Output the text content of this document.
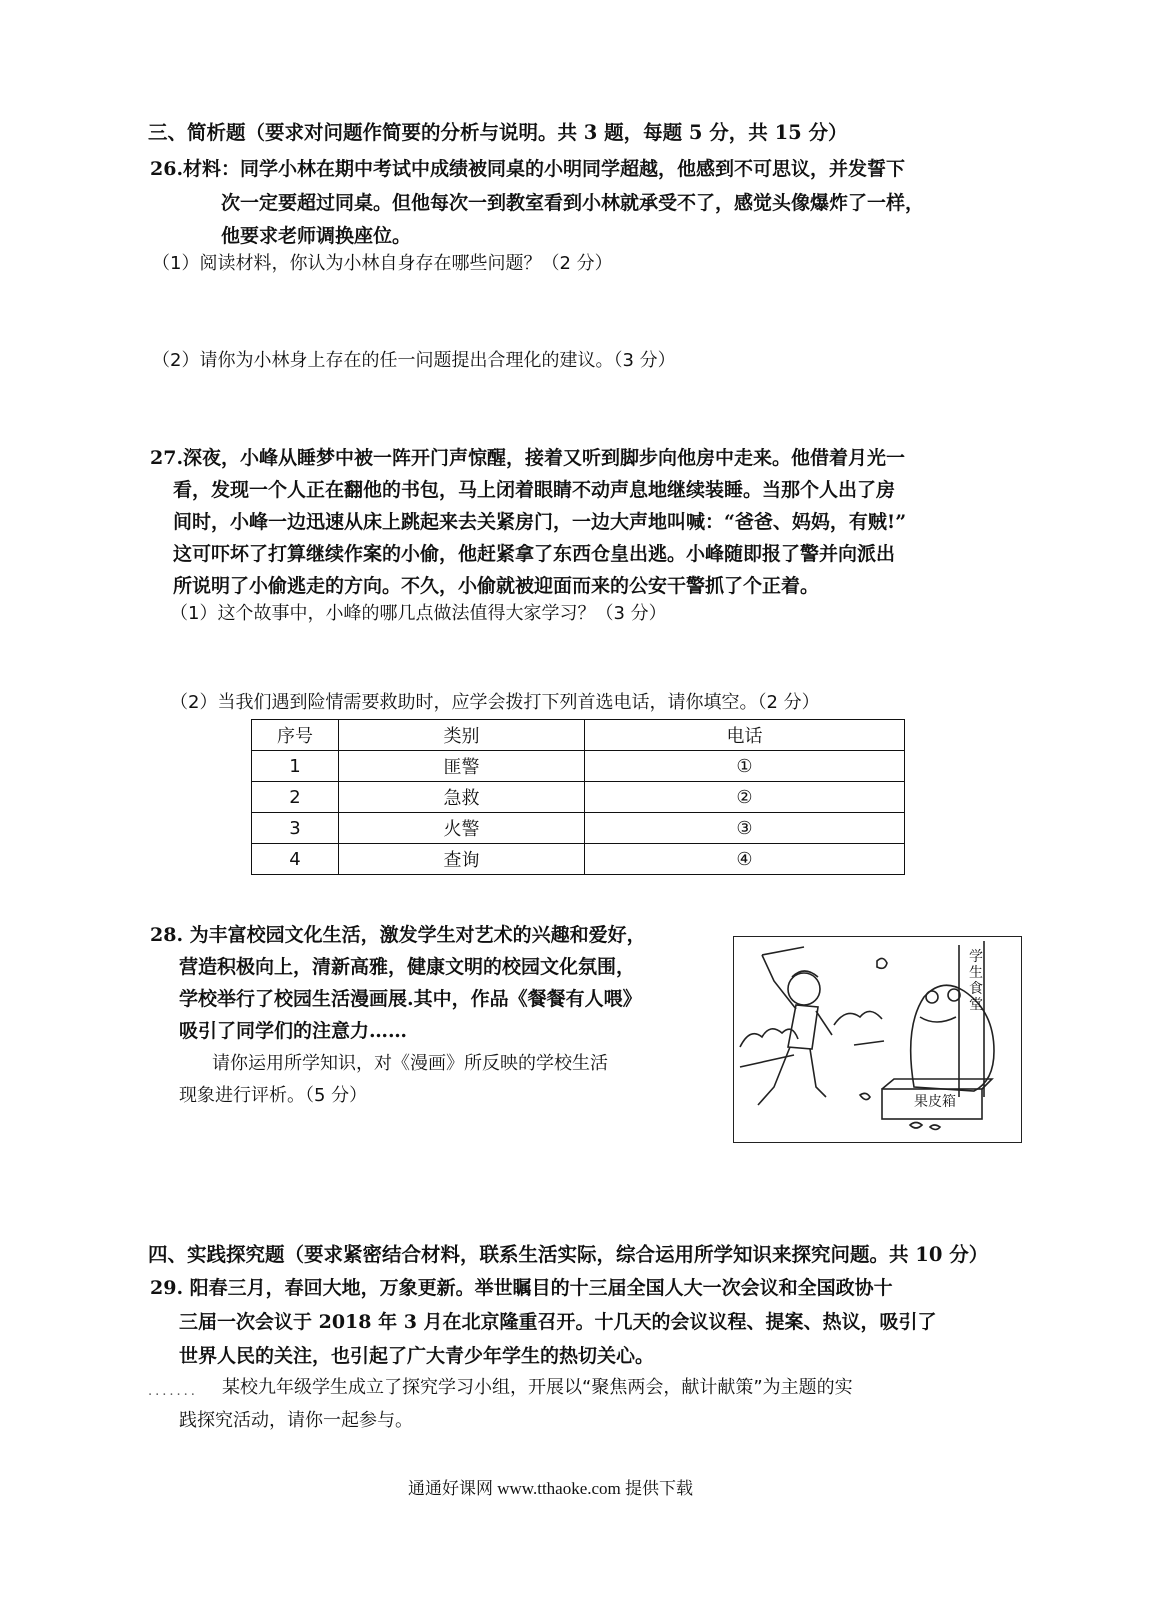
三、简析题（要求对问题作简要的分析与说明。共 3 题，每题 5 分，共 15 分）
26.材料：同学小林在期中考试中成绩被同桌的小明同学超越，他感到不可思议，并发誓下
次一定要超过同桌。但他每次一到教室看到小林就承受不了，感觉头像爆炸了一样，
他要求老师调换座位。
（1）阅读材料，你认为小林自身存在哪些问题？（2 分）
（2）请你为小林身上存在的任一问题提出合理化的建议。（3 分）
27.深夜，小峰从睡梦中被一阵开门声惊醒，接着又听到脚步向他房中走来。他借着月光一
看，发现一个人正在翻他的书包，马上闭着眼睛不动声息地继续装睡。当那个人出了房
间时，小峰一边迅速从床上跳起来去关紧房门，一边大声地叫喊：“爸爸、妈妈，有贼!”
这可吓坏了打算继续作案的小偷，他赶紧拿了东西仓皇出逃。小峰随即报了警并向派出
所说明了小偷逃走的方向。不久，小偷就被迎面而来的公安干警抓了个正着。
（1）这个故事中，小峰的哪几点做法值得大家学习？（3 分）
（2）当我们遇到险情需要救助时，应学会拨打下列首选电话，请你填空。（2 分）
序号	类别	电话
1	匪警	①
2	急救	②
3	火警	③
4	查询	④
28. 为丰富校园文化生活，激发学生对艺术的兴趣和爱好，
营造积极向上，清新高雅，健康文明的校园文化氛围，
学校举行了校园生活漫画展.其中，作品《餐餐有人喂》
吸引了同学们的注意力……
请你运用所学知识，对《漫画》所反映的学校生活
现象进行评析。（5 分）
学生食堂
果皮箱
四、实践探究题（要求紧密结合材料，联系生活实际，综合运用所学知识来探究问题。共 10 分）
29. 阳春三月，春回大地，万象更新。举世瞩目的十三届全国人大一次会议和全国政协十
三届一次会议于 2018 年 3 月在北京隆重召开。十几天的会议议程、提案、热议，吸引了
世界人民的关注，也引起了广大青少年学生的热切关心。
....... 某校九年级学生成立了探究学习小组，开展以“聚焦两会，献计献策”为主题的实
践探究活动，请你一起参与。
通通好课网 www.tthaoke.com 提供下载
